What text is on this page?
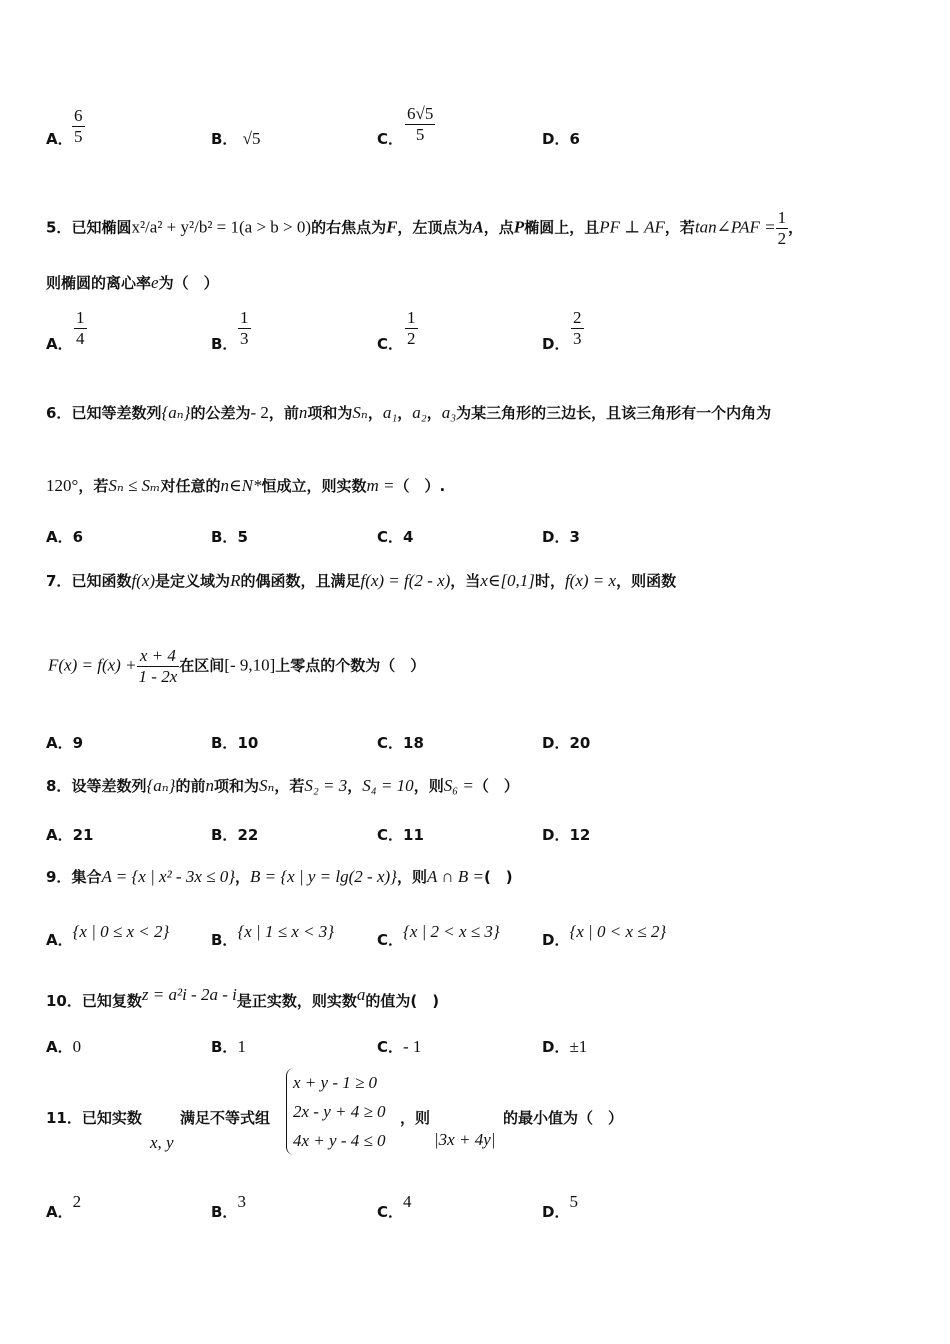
A． $\frac{6}{5}$	B． √5	C． $\frac{6√5}{5}$	D．6
5．已知椭圆x²/a² + y²/b² = 1(a > b > 0)的右焦点为F，左顶点为A，点P椭圆上，且PF ⊥ AF，若tan∠PAF = $\frac{1}{2}$ ，
则椭圆的离心率e为（　）
A． $\frac{1}{4}$	B． $\frac{1}{3}$	C． $\frac{1}{2}$	D． $\frac{2}{3}$
6．已知等差数列{aₙ}的公差为- 2，前n项和为Sₙ，a₁，a₂，a₃为某三角形的三边长，且该三角形有一个内角为
120°，若Sₙ ≤ Sₘ对任意的n∈N*恒成立，则实数m =（　）.
A．6	B．5	C．4	D．3
7．已知函数f(x)是定义域为R的偶函数，且满足f(x) = f(2 - x)，当x∈[0,1]时，f(x) = x，则函数
$F(x) = f(x) + \frac{x + 4}{1 - 2x}$ 在区间[- 9,10]上零点的个数为（　）
A．9	B．10	C．18	D．20
8．设等差数列{aₙ}的前n项和为Sₙ，若S₂ = 3，S₄ = 10，则S₆ =（　）
A．21	B．22	C．11	D．12
9．集合A = {x | x² - 3x ≤ 0}，B = {x | y = lg(2 - x)}，则A ∩ B =(　)
A．{x | 0 ≤ x < 2}	B．{x | 1 ≤ x < 3}	C．{x | 2 < x ≤ 3}	D．{x | 0 < x ≤ 2}
10．已知复数z = a²i - 2a - i是正实数，则实数a的值为(　)
A．0	B．1	C．- 1	D．±1
11．已知实数
x, y
满足不等式组
x + y - 1 ≥ 0
2x - y + 4 ≥ 0
4x + y - 4 ≤ 0
，则
|3x + 4y|
的最小值为（　）
A．2
B．3
C．4
D．5
